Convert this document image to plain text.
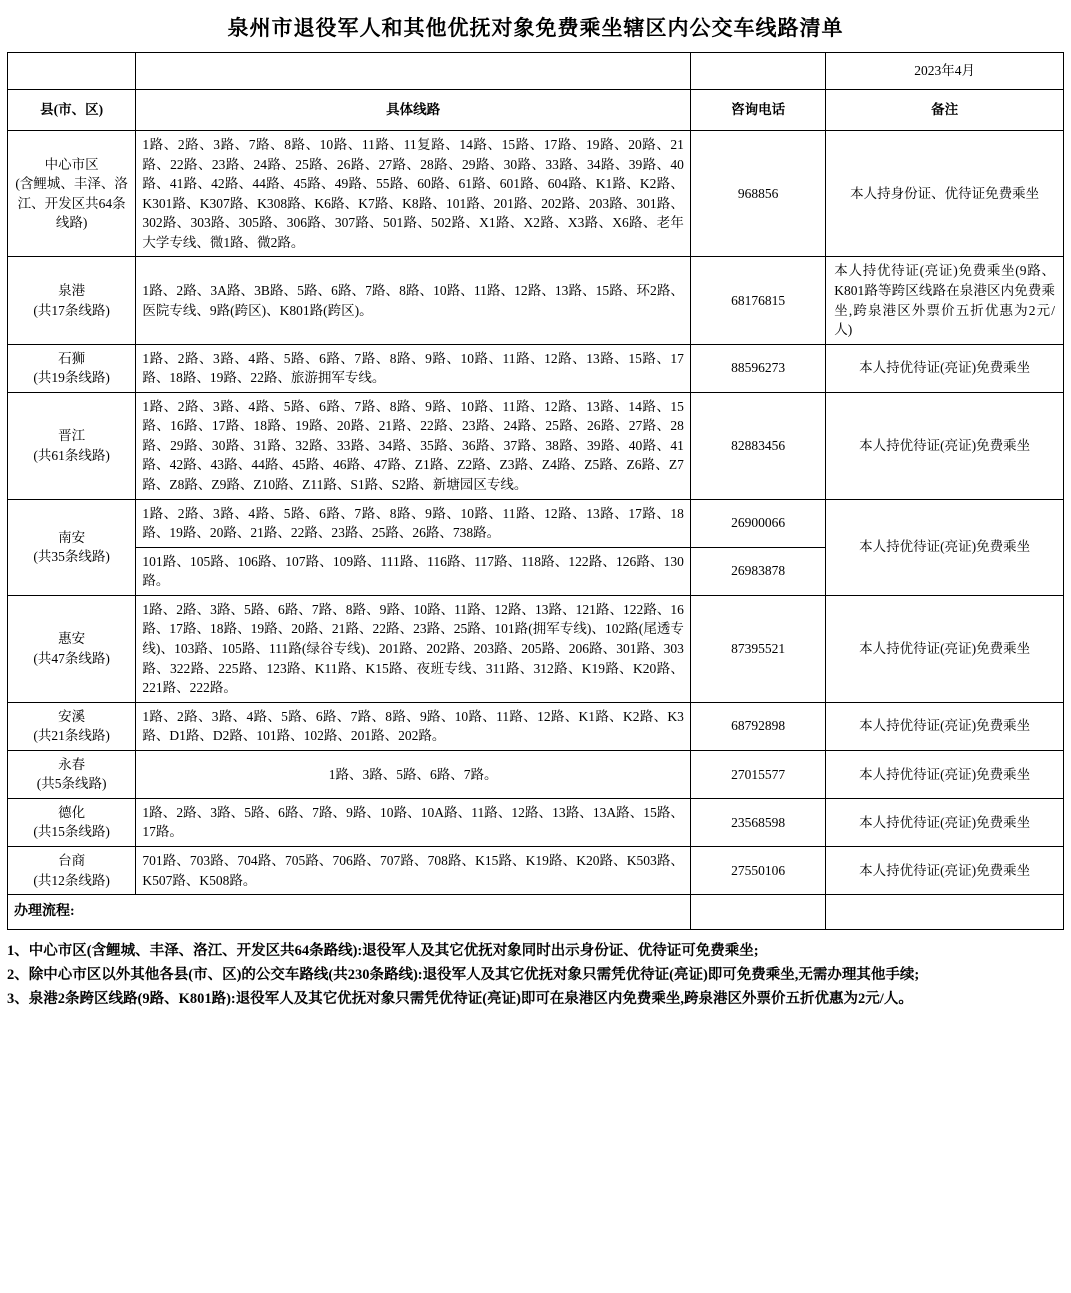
泉州市退役军人和其他优抚对象免费乘坐辖区内公交车线路清单
			2023年4月
县(市、区)	具体线路	咨询电话	备注

中心市区
(含鲤城、丰泽、洛江、开发区共64条线路)	1路、2路、3路、7路、8路、10路、11路、11复路、14路、15路、17路、19路、20路、21路、22路、23路、24路、25路、26路、27路、28路、29路、30路、33路、34路、39路、40路、41路、42路、44路、45路、49路、55路、60路、61路、601路、604路、K1路、K2路、K301路、K307路、K308路、K6路、K7路、K8路、101路、201路、202路、203路、301路、302路、303路、305路、306路、307路、501路、502路、X1路、X2路、X3路、X6路、老年大学专线、微1路、微2路。	968856	本人持身份证、优待证免费乘坐

泉港
(共17条线路)	1路、2路、3A路、3B路、5路、6路、7路、8路、10路、11路、12路、13路、15路、环2路、医院专线、9路(跨区)、K801路(跨区)。	68176815	本人持优待证(亮证)免费乘坐(9路、K801路等跨区线路在泉港区内免费乘坐,跨泉港区外票价五折优惠为2元/人)

石狮
(共19条线路)	1路、2路、3路、4路、5路、6路、7路、8路、9路、10路、11路、12路、13路、15路、17路、18路、19路、22路、旅游拥军专线。	88596273	本人持优待证(亮证)免费乘坐

晋江
(共61条线路)	1路、2路、3路、4路、5路、6路、7路、8路、9路、10路、11路、12路、13路、14路、15路、16路、17路、18路、19路、20路、21路、22路、23路、24路、25路、26路、27路、28路、29路、30路、31路、32路、33路、34路、35路、36路、37路、38路、39路、40路、41路、42路、43路、44路、45路、46路、47路、Z1路、Z2路、Z3路、Z4路、Z5路、Z6路、Z7路、Z8路、Z9路、Z10路、Z11路、S1路、S2路、新塘园区专线。	82883456	本人持优待证(亮证)免费乘坐

南安
(共35条线路)	1路、2路、3路、4路、5路、6路、7路、8路、9路、10路、11路、12路、13路、17路、18路、19路、20路、21路、22路、23路、25路、26路、738路。	26900066	本人持优待证(亮证)免费乘坐
	101路、105路、106路、107路、109路、111路、116路、117路、118路、122路、126路、130路。	26983878	

惠安
(共47条线路)	1路、2路、3路、5路、6路、7路、8路、9路、10路、11路、12路、13路、121路、122路、16路、17路、18路、19路、20路、21路、22路、23路、25路、101路(拥军专线)、102路(尾透专线)、103路、105路、111路(绿谷专线)、201路、202路、203路、205路、206路、301路、303路、322路、225路、123路、K11路、K15路、夜班专线、311路、312路、K19路、K20路、221路、222路。	87395521	本人持优待证(亮证)免费乘坐

安溪
(共21条线路)	1路、2路、3路、4路、5路、6路、7路、8路、9路、10路、11路、12路、K1路、K2路、K3路、D1路、D2路、101路、102路、201路、202路。	68792898	本人持优待证(亮证)免费乘坐

永春
(共5条线路)	1路、3路、5路、6路、7路。	27015577	本人持优待证(亮证)免费乘坐

德化
(共15条线路)	1路、2路、3路、5路、6路、7路、9路、10路、10A路、11路、12路、13路、13A路、15路、17路。	23568598	本人持优待证(亮证)免费乘坐

台商
(共12条线路)	701路、703路、704路、705路、706路、707路、708路、K15路、K19路、K20路、K503路、K507路、K508路。	27550106	本人持优待证(亮证)免费乘坐
办理流程:			

1、中心市区(含鲤城、丰泽、洛江、开发区共64条路线):退役军人及其它优抚对象同时出示身份证、优待证可免费乘坐;

2、除中心市区以外其他各县(市、区)的公交车路线(共230条路线):退役军人及其它优抚对象只需凭优待证(亮证)即可免费乘坐,无需办理其他手续;

3、泉港2条跨区线路(9路、K801路):退役军人及其它优抚对象只需凭优待证(亮证)即可在泉港区内免费乘坐,跨泉港区外票价五折优惠为2元/人。
